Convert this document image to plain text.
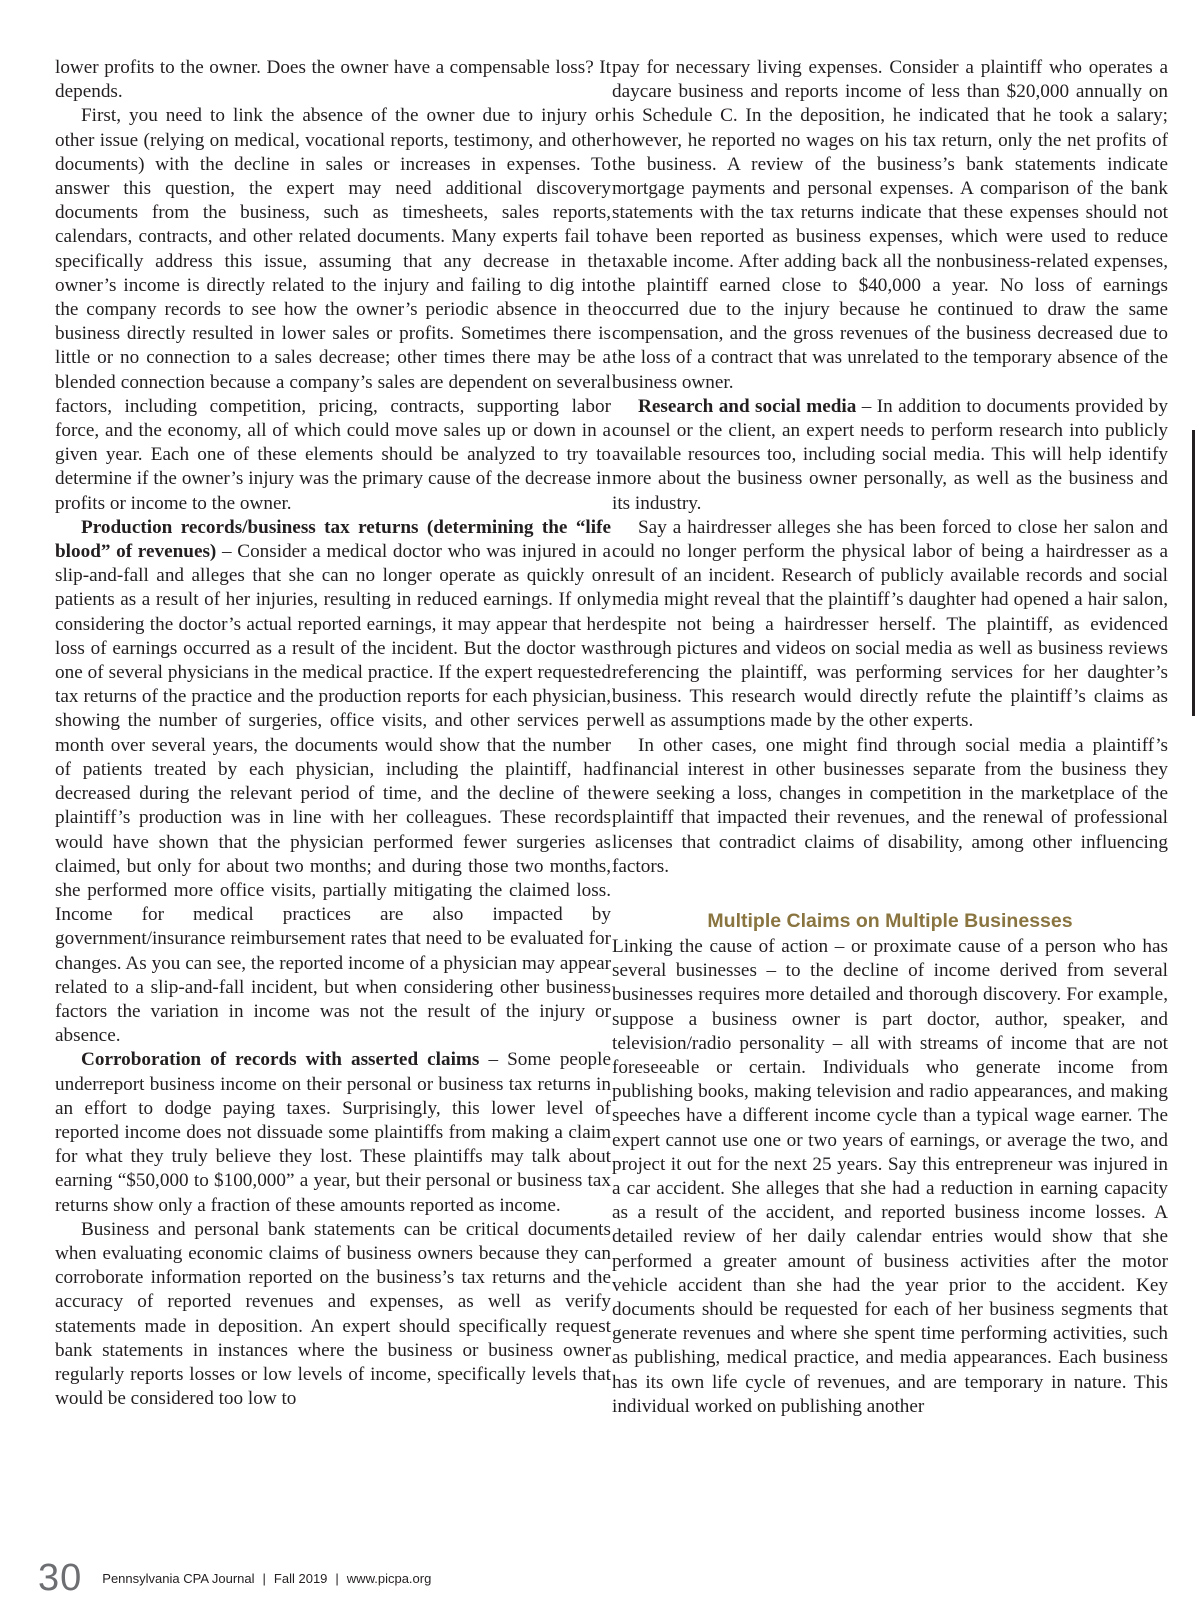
lower profits to the owner. Does the owner have a compensable loss? It depends.

First, you need to link the absence of the owner due to injury or other issue (relying on medical, vocational reports, testimony, and other documents) with the decline in sales or increases in expenses. To answer this question, the expert may need additional discovery documents from the business, such as timesheets, sales reports, calendars, contracts, and other related documents. Many experts fail to specifically address this issue, assuming that any decrease in the owner’s income is directly related to the injury and failing to dig into the company records to see how the owner’s periodic absence in the business directly resulted in lower sales or profits. Sometimes there is little or no connection to a sales decrease; other times there may be a blended connection because a company’s sales are dependent on several factors, including competition, pricing, contracts, supporting labor force, and the economy, all of which could move sales up or down in a given year. Each one of these elements should be analyzed to try to determine if the owner’s injury was the primary cause of the decrease in profits or income to the owner.

Production records/business tax returns (determining the “life blood” of revenues) – Consider a medical doctor who was injured in a slip-and-fall and alleges that she can no longer operate as quickly on patients as a result of her injuries, resulting in reduced earnings. If only considering the doctor’s actual reported earnings, it may appear that her loss of earnings occurred as a result of the incident. But the doctor was one of several physicians in the medical practice. If the expert requested tax returns of the practice and the production reports for each physician, showing the number of surgeries, office visits, and other services per month over several years, the documents would show that the number of patients treated by each physician, including the plaintiff, had decreased during the relevant period of time, and the decline of the plaintiff’s production was in line with her colleagues. These records would have shown that the physician performed fewer surgeries as claimed, but only for about two months; and during those two months, she performed more office visits, partially mitigating the claimed loss. Income for medical practices are also impacted by government/insurance reimbursement rates that need to be evaluated for changes. As you can see, the reported income of a physician may appear related to a slip-and-fall incident, but when considering other business factors the variation in income was not the result of the injury or absence.

Corroboration of records with asserted claims – Some people underreport business income on their personal or business tax returns in an effort to dodge paying taxes. Surprisingly, this lower level of reported income does not dissuade some plaintiffs from making a claim for what they truly believe they lost. These plaintiffs may talk about earning “$50,000 to $100,000” a year, but their personal or business tax returns show only a fraction of these amounts reported as income.

Business and personal bank statements can be critical documents when evaluating economic claims of business owners because they can corroborate information reported on the business’s tax returns and the accuracy of reported revenues and expenses, as well as verify statements made in deposition. An expert should specifically request bank statements in instances where the business or business owner regularly reports losses or low levels of income, specifically levels that would be considered too low to

pay for necessary living expenses. Consider a plaintiff who operates a daycare business and reports income of less than $20,000 annually on his Schedule C. In the deposition, he indicated that he took a salary; however, he reported no wages on his tax return, only the net profits of the business. A review of the business’s bank statements indicate mortgage payments and personal expenses. A comparison of the bank statements with the tax returns indicate that these expenses should not have been reported as business expenses, which were used to reduce taxable income. After adding back all the nonbusiness-related expenses, the plaintiff earned close to $40,000 a year. No loss of earnings occurred due to the injury because he continued to draw the same compensation, and the gross revenues of the business decreased due to the loss of a contract that was unrelated to the temporary absence of the business owner.

Research and social media – In addition to documents provided by counsel or the client, an expert needs to perform research into publicly available resources too, including social media. This will help identify more about the business owner personally, as well as the business and its industry.

Say a hairdresser alleges she has been forced to close her salon and could no longer perform the physical labor of being a hairdresser as a result of an incident. Research of publicly available records and social media might reveal that the plaintiff’s daughter had opened a hair salon, despite not being a hairdresser herself. The plaintiff, as evidenced through pictures and videos on social media as well as business reviews referencing the plaintiff, was performing services for her daughter’s business. This research would directly refute the plaintiff’s claims as well as assumptions made by the other experts.

In other cases, one might find through social media a plaintiff’s financial interest in other businesses separate from the business they were seeking a loss, changes in competition in the marketplace of the plaintiff that impacted their revenues, and the renewal of professional licenses that contradict claims of disability, among other influencing factors.

Multiple Claims on Multiple Businesses

Linking the cause of action – or proximate cause of a person who has several businesses – to the decline of income derived from several businesses requires more detailed and thorough discovery. For example, suppose a business owner is part doctor, author, speaker, and television/radio personality – all with streams of income that are not foreseeable or certain. Individuals who generate income from publishing books, making television and radio appearances, and making speeches have a different income cycle than a typical wage earner. The expert cannot use one or two years of earnings, or average the two, and project it out for the next 25 years. Say this entrepreneur was injured in a car accident. She alleges that she had a reduction in earning capacity as a result of the accident, and reported business income losses. A detailed review of her daily calendar entries would show that she performed a greater amount of business activities after the motor vehicle accident than she had the year prior to the accident. Key documents should be requested for each of her business segments that generate revenues and where she spent time performing activities, such as publishing, medical practice, and media appearances. Each business has its own life cycle of revenues, and are temporary in nature. This individual worked on publishing another

30 Pennsylvania CPA Journal | Fall 2019 | www.picpa.org
